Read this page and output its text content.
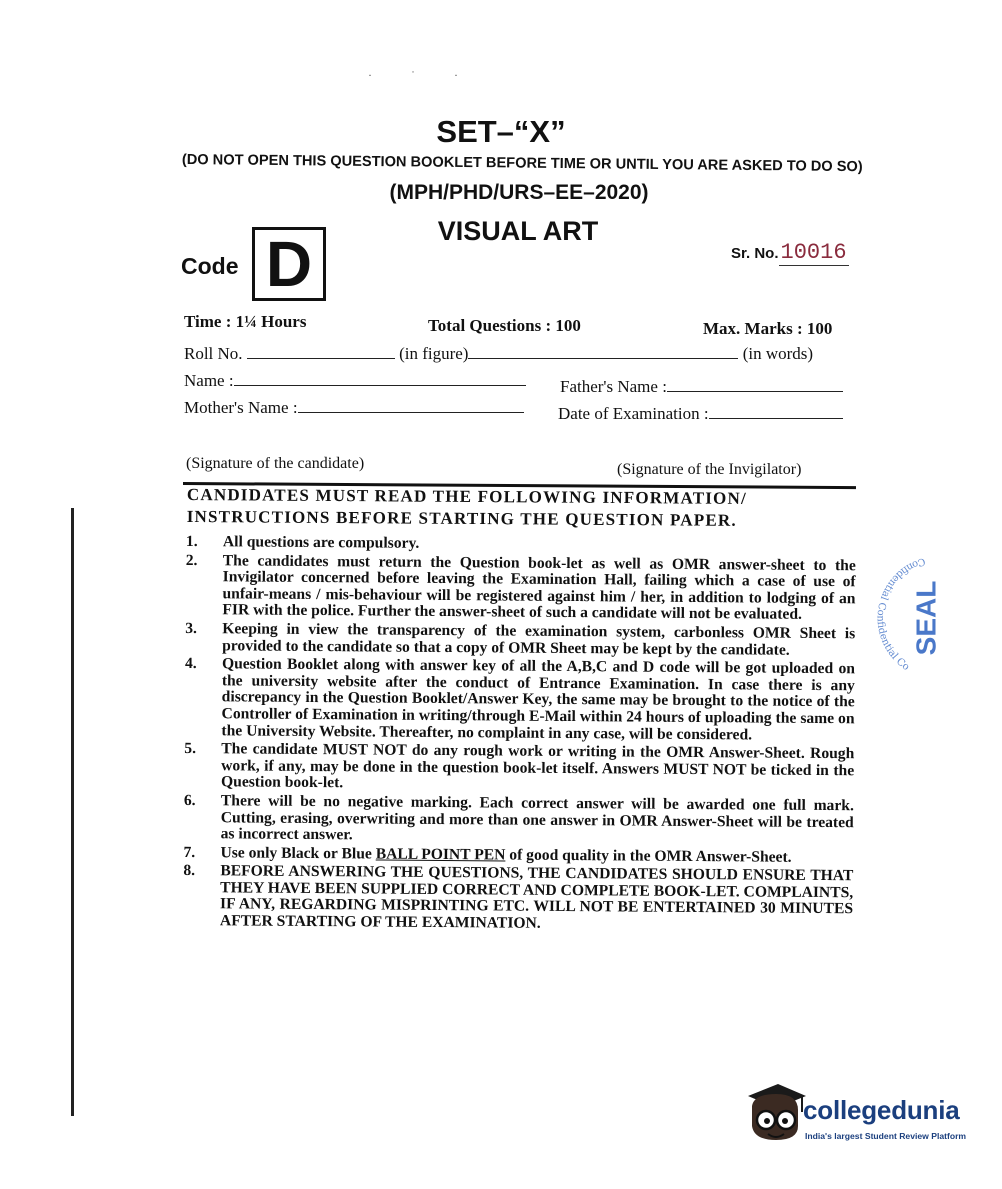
· ˙ ·
SET–“X”
(DO NOT OPEN THIS QUESTION BOOKLET BEFORE TIME OR UNTIL YOU ARE ASKED TO DO SO)
(MPH/PHD/URS–EE–2020)
VISUAL ART
Code D	Sr. No.10016
Time : 1¼ Hours	Total Questions : 100	Max. Marks : 100
Roll No.	(in figure)	(in words)
Name :	Father's Name :
Mother's Name :	Date of Examination :
(Signature of the candidate)	(Signature of the Invigilator)
CANDIDATES MUST READ THE FOLLOWING INFORMATION/
INSTRUCTIONS BEFORE STARTING THE QUESTION PAPER.
1.	All questions are compulsory.
2.	The candidates must return the Question book-let as well as OMR answer-sheet to the Invigilator concerned before leaving the Examination Hall, failing which a case of use of unfair-means / mis-behaviour will be registered against him / her, in addition to lodging of an FIR with the police. Further the answer-sheet of such a candidate will not be evaluated.
3.	Keeping in view the transparency of the examination system, carbonless OMR Sheet is provided to the candidate so that a copy of OMR Sheet may be kept by the candidate.
4.	Question Booklet along with answer key of all the A,B,C and D code will be got uploaded on the university website after the conduct of Entrance Examination. In case there is any discrepancy in the Question Booklet/Answer Key, the same may be brought to the notice of the Controller of Examination in writing/through E-Mail within 24 hours of uploading the same on the University Website. Thereafter, no complaint in any case, will be considered.
5.	The candidate MUST NOT do any rough work or writing in the OMR Answer-Sheet. Rough work, if any, may be done in the question book-let itself. Answers MUST NOT be ticked in the Question book-let.
6.	There will be no negative marking. Each correct answer will be awarded one full mark. Cutting, erasing, overwriting and more than one answer in OMR Answer-Sheet will be treated as incorrect answer.
7.	Use only Black or Blue BALL POINT PEN of good quality in the OMR Answer-Sheet.
8.	BEFORE ANSWERING THE QUESTIONS, THE CANDIDATES SHOULD ENSURE THAT THEY HAVE BEEN SUPPLIED CORRECT AND COMPLETE BOOK-LET. COMPLAINTS, IF ANY, REGARDING MISPRINTING ETC. WILL NOT BE ENTERTAINED 30 MINUTES AFTER STARTING OF THE EXAMINATION.
Confidential Confidential Co
SEAL
collegedunia
India's largest Student Review Platform
